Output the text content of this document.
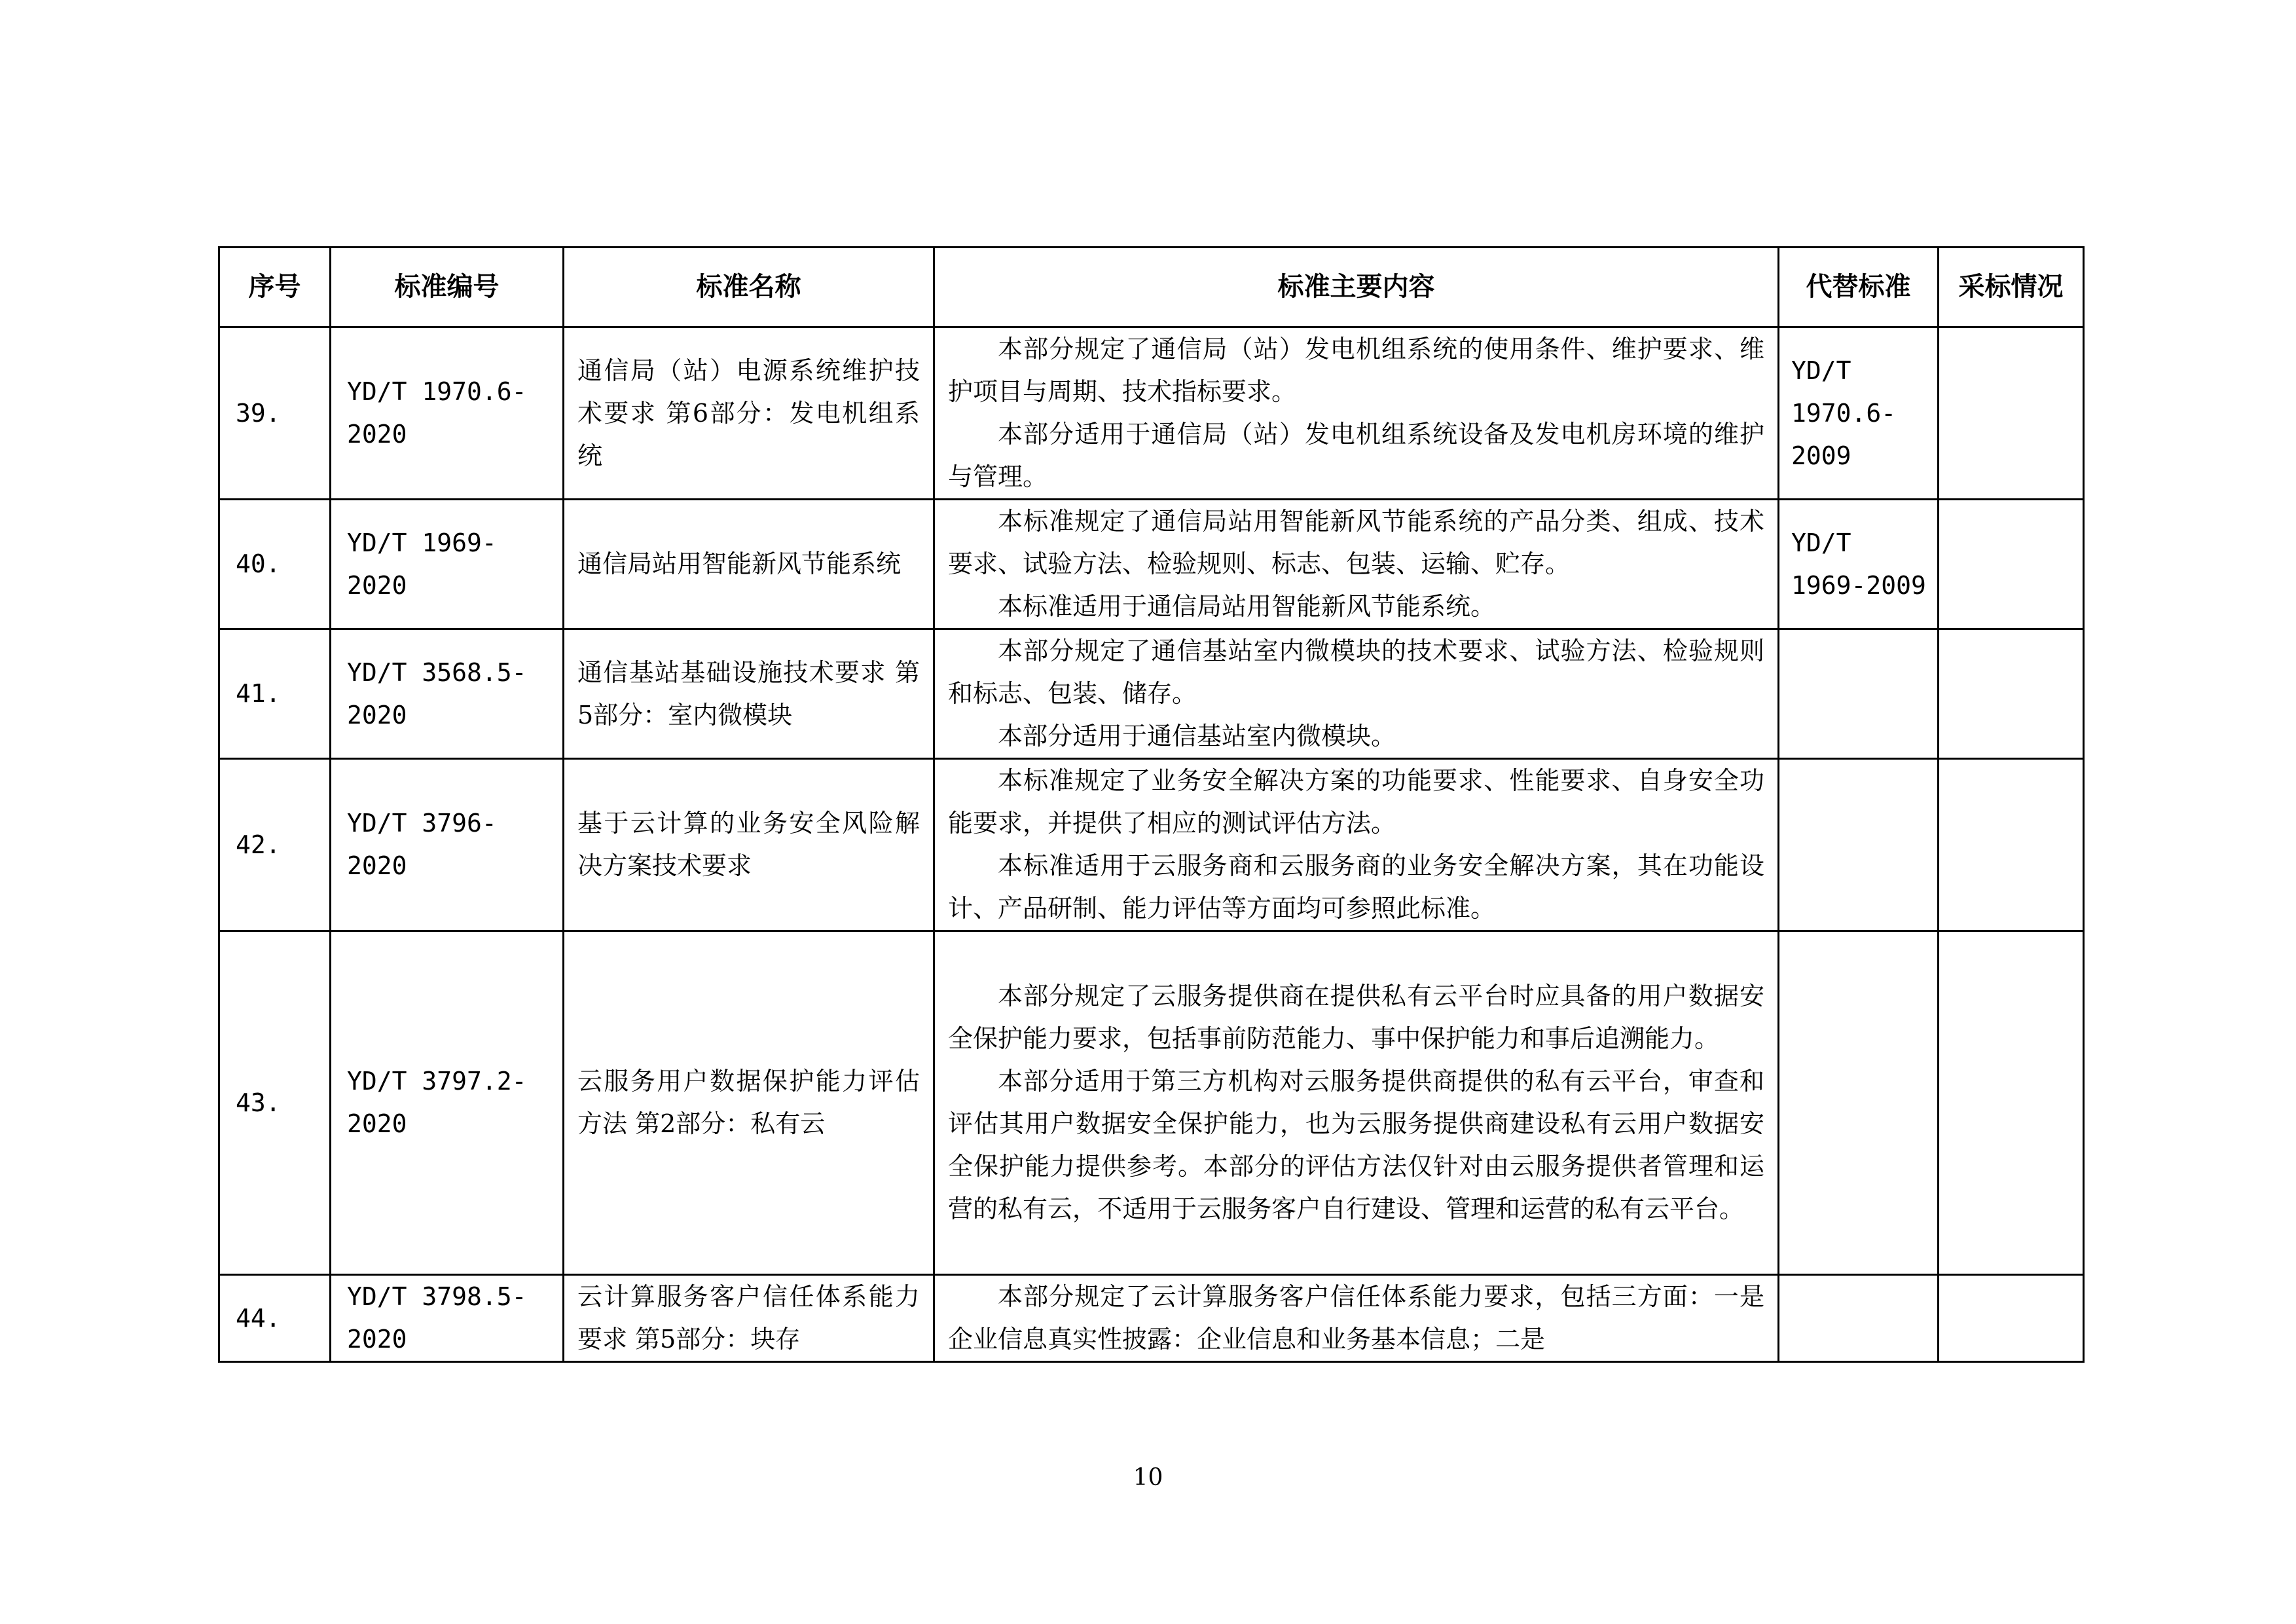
序号	标准编号	标准名称	标准主要内容	代替标准	采标情况
39.	YD/T 1970.6-2020	通信局（站）电源系统维护技术要求 第6部分：发电机组系统	本部分规定了通信局（站）发电机组系统的使用条件、维护要求、维护项目与周期、技术指标要求。

本部分适用于通信局（站）发电机组系统设备及发电机房环境的维护与管理。	YD/T 1970.6-2009	
40.	YD/T 1969-2020	通信局站用智能新风节能系统	本标准规定了通信局站用智能新风节能系统的产品分类、组成、技术要求、试验方法、检验规则、标志、包装、运输、贮存。

本标准适用于通信局站用智能新风节能系统。	YD/T 1969-2009	
41.	YD/T 3568.5-2020	通信基站基础设施技术要求 第5部分：室内微模块	本部分规定了通信基站室内微模块的技术要求、试验方法、检验规则和标志、包装、储存。

本部分适用于通信基站室内微模块。		

42.	YD/T 3796-2020	基于云计算的业务安全风险解决方案技术要求	本标准规定了业务安全解决方案的功能要求、性能要求、自身安全功能要求，并提供了相应的测试评估方法。

本标准适用于云服务商和云服务商的业务安全解决方案，其在功能设计、产品研制、能力评估等方面均可参照此标准。		

43.	YD/T 3797.2-2020	云服务用户数据保护能力评估方法 第2部分：私有云	本部分规定了云服务提供商在提供私有云平台时应具备的用户数据安全保护能力要求，包括事前防范能力、事中保护能力和事后追溯能力。

本部分适用于第三方机构对云服务提供商提供的私有云平台，审查和评估其用户数据安全保护能力，也为云服务提供商建设私有云用户数据安全保护能力提供参考。本部分的评估方法仅针对由云服务提供者管理和运营的私有云，不适用于云服务客户自行建设、管理和运营的私有云平台。		

44.	YD/T 3798.5-2020	云计算服务客户信任体系能力要求 第5部分：块存	本部分规定了云计算服务客户信任体系能力要求，包括三方面：一是企业信息真实性披露：企业信息和业务基本信息；二是		

10
